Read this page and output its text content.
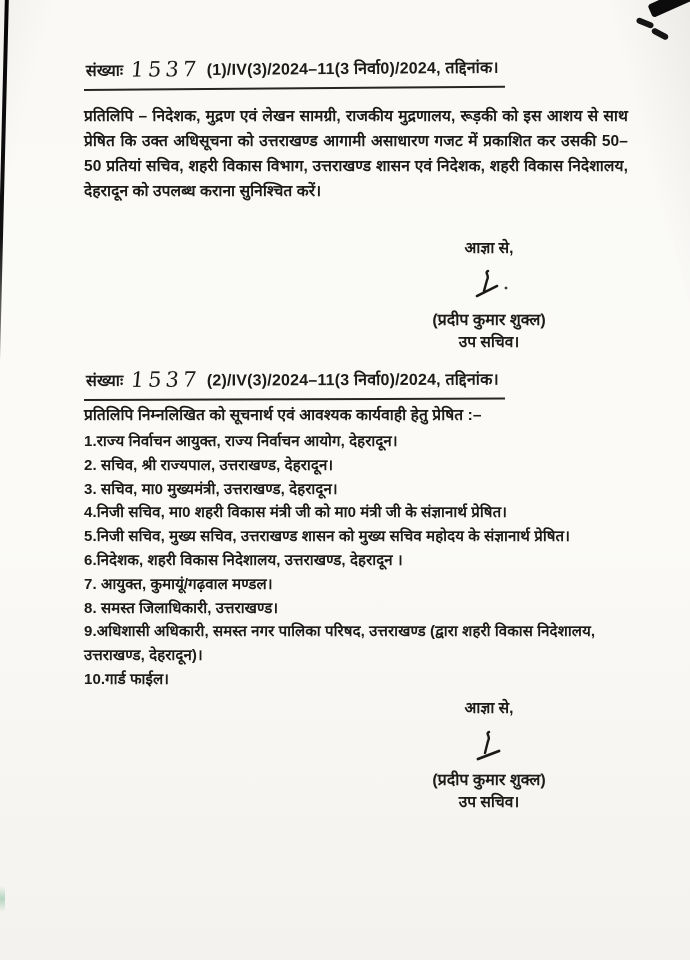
संख्याः 1537 (1)/IV(3)/2024–11(3 निर्वा0)/2024, तद्दिनांक।

प्रतिलिपि – निदेशक, मुद्रण एवं लेखन सामग्री, राजकीय मुद्रणालय, रूड़की को इस आशय से साथ प्रेषित कि उक्त अधिसूचना को उत्तराखण्ड आगामी असाधारण गजट में प्रकाशित कर उसकी 50–50 प्रतियां सचिव, शहरी विकास विभाग, उत्तराखण्ड शासन एवं निदेशक, शहरी विकास निदेशालय, देहरादून को उपलब्ध कराना सुनिश्चित करें।

आज्ञा से,
(प्रदीप कुमार शुक्ल)
उप सचिव।
संख्याः 1537 (2)/IV(3)/2024–11(3 निर्वा0)/2024, तद्दिनांक।

प्रतिलिपि निम्नलिखित को सूचनार्थ एवं आवश्यक कार्यवाही हेतु प्रेषित :–

1.राज्य निर्वाचन आयुक्त, राज्य निर्वाचन आयोग, देहरादून।
2. सचिव, श्री राज्यपाल, उत्तराखण्ड, देहरादून।
3. सचिव, मा0 मुख्यमंत्री, उत्तराखण्ड, देहरादून।
4.निजी सचिव, मा0 शहरी विकास मंत्री जी को मा0 मंत्री जी के संज्ञानार्थ प्रेषित।
5.निजी सचिव, मुख्य सचिव, उत्तराखण्ड शासन को मुख्य सचिव महोदय के संज्ञानार्थ प्रेषित।
6.निदेशक, शहरी विकास निदेशालय, उत्तराखण्ड, देहरादून ।
7. आयुक्त, कुमायूं/गढ़वाल मण्डल।
8. समस्त जिलाधिकारी, उत्तराखण्ड।
9.अधिशासी अधिकारी, समस्त नगर पालिका परिषद, उत्तराखण्ड (द्वारा शहरी विकास निदेशालय, उत्तराखण्ड, देहरादून)।
10.गार्ड फाईल।
आज्ञा से,
(प्रदीप कुमार शुक्ल)
उप सचिव।
